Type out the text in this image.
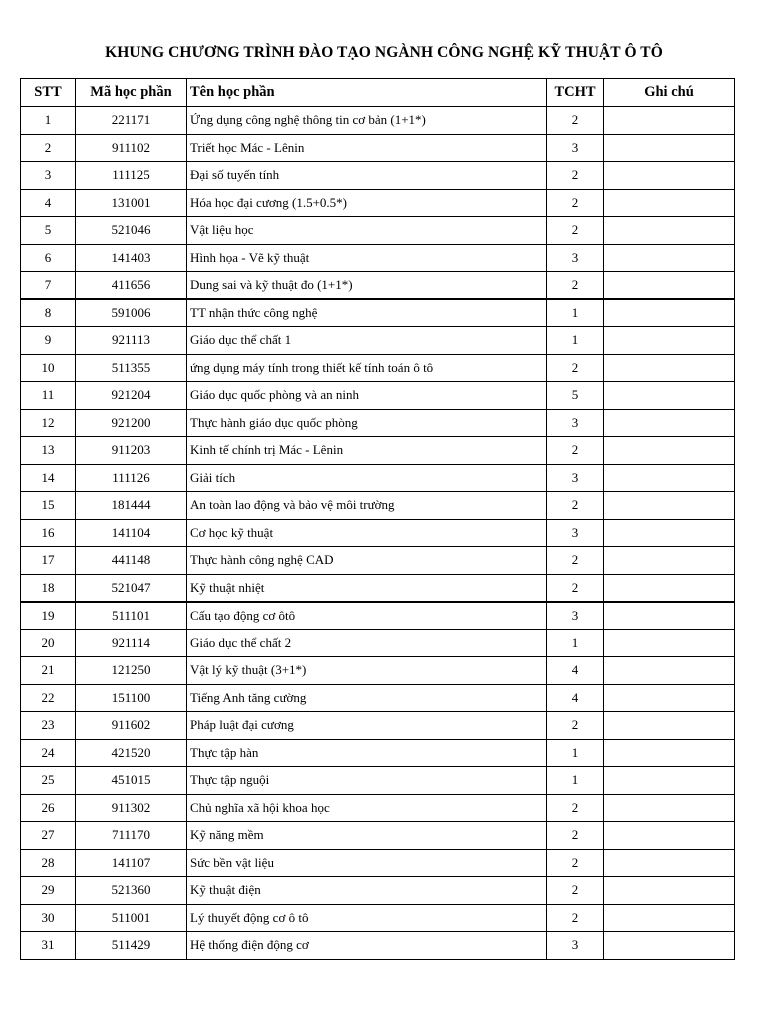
KHUNG CHƯƠNG TRÌNH ĐÀO TẠO NGÀNH CÔNG NGHỆ KỸ THUẬT Ô TÔ
STT	Mã học phần	Tên học phần	TCHT	Ghi chú
1	221171	Ứng dụng công nghệ thông tin cơ bản (1+1*)	2	
2	911102	Triết học Mác - Lênin	3	
3	111125	Đại số tuyến tính	2	
4	131001	Hóa học đại cương (1.5+0.5*)	2	
5	521046	Vật liệu học	2	
6	141403	Hình họa - Vẽ kỹ thuật	3	
7	411656	Dung sai và kỹ thuật đo (1+1*)	2	
8	591006	TT nhận thức công nghệ	1	
9	921113	Giáo dục thể chất 1	1	
10	511355	ứng dụng máy tính trong thiết kế tính toán ô tô	2	
11	921204	Giáo dục quốc phòng và an ninh	5	
12	921200	Thực hành giáo dục quốc phòng	3	
13	911203	Kinh tế chính trị Mác - Lênin	2	
14	111126	Giải tích	3	
15	181444	An toàn lao động và bảo vệ môi trường	2	
16	141104	Cơ học kỹ thuật	3	
17	441148	Thực hành công nghệ CAD	2	
18	521047	Kỹ thuật nhiệt	2	
19	511101	Cấu tạo động cơ ôtô	3	
20	921114	Giáo dục thể chất 2	1	
21	121250	Vật lý kỹ thuật (3+1*)	4	
22	151100	Tiếng Anh tăng cường	4	
23	911602	Pháp luật đại cương	2	
24	421520	Thực tập hàn	1	
25	451015	Thực tập nguội	1	
26	911302	Chủ nghĩa xã hội khoa học	2	
27	711170	Kỹ năng mềm	2	
28	141107	Sức bền vật liệu	2	
29	521360	Kỹ thuật điện	2	
30	511001	Lý thuyết động cơ ô tô	2	
31	511429	Hệ thống điện động cơ	3	
